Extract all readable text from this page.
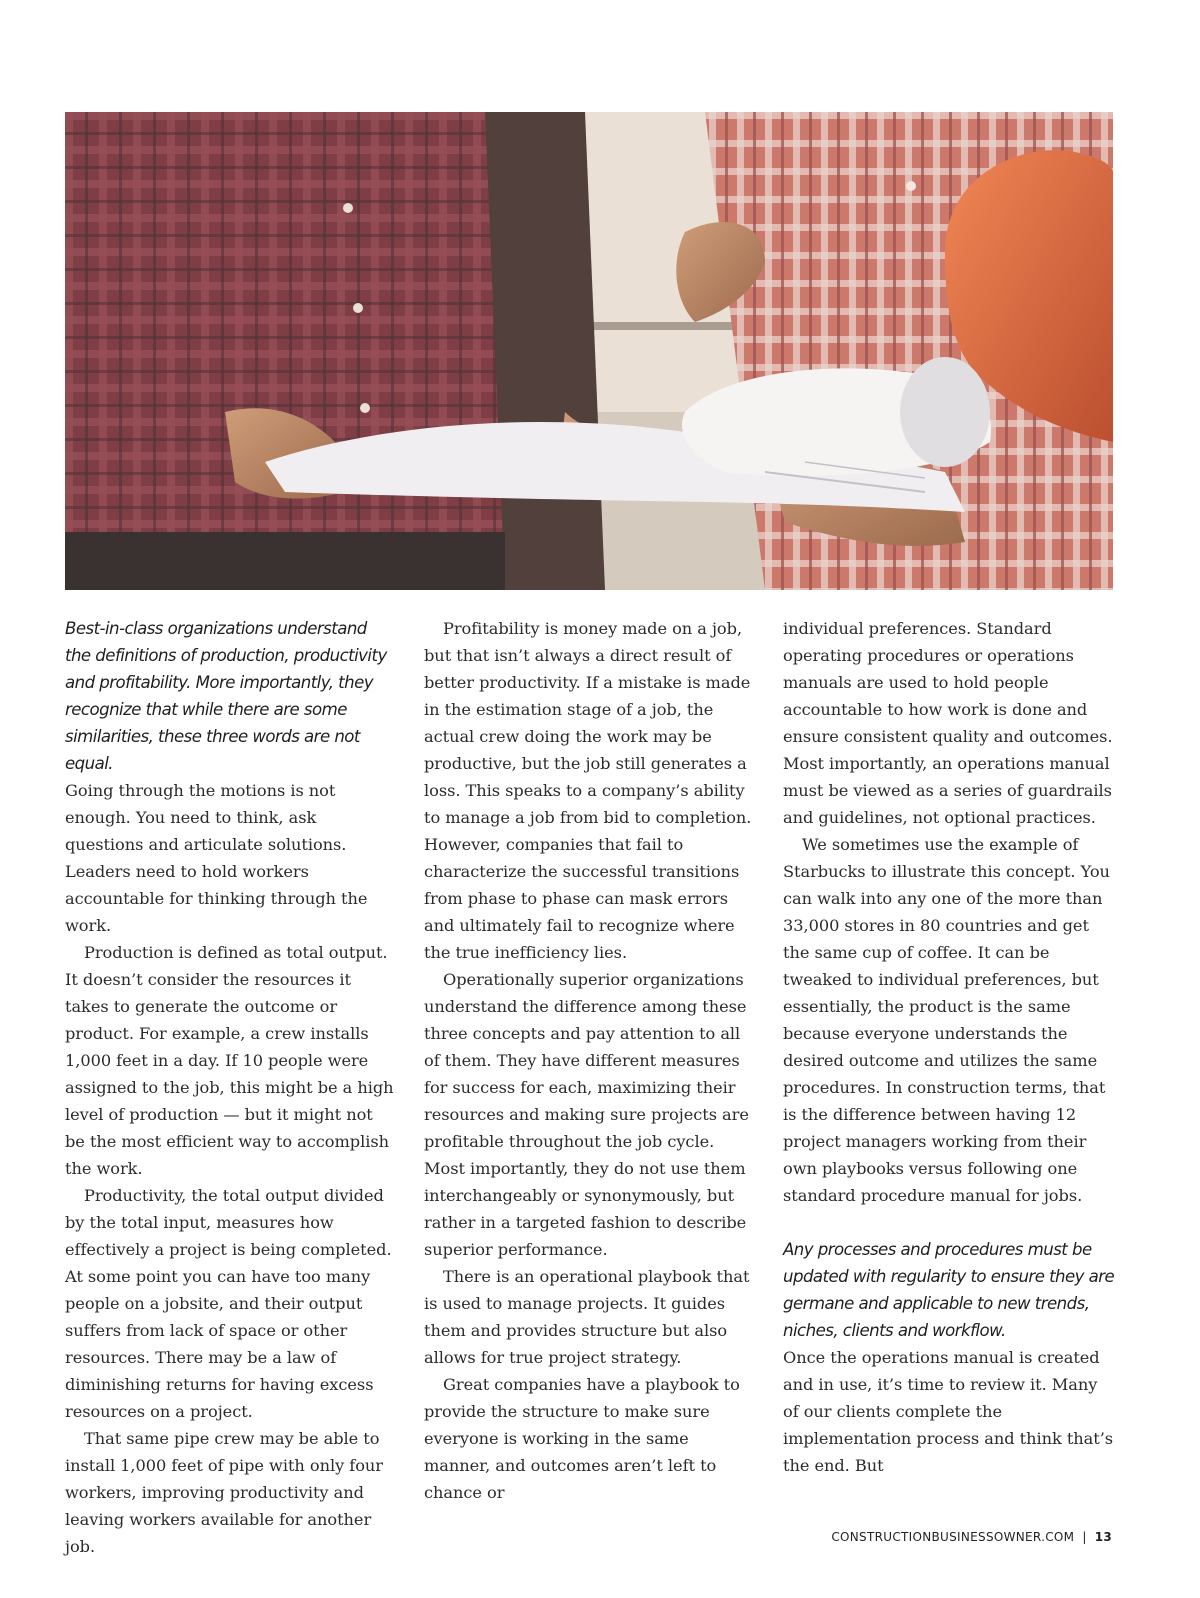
Best-in-class organizations understand the definitions of production, productivity and profitability. More importantly, they recognize that while there are some similarities, these three words are not equal.

Going through the motions is not enough. You need to think, ask questions and articulate solutions. Leaders need to hold workers accountable for thinking through the work.

Production is defined as total output. It doesn’t consider the resources it takes to generate the outcome or product. For example, a crew installs 1,000 feet in a day. If 10 people were assigned to the job, this might be a high level of production — but it might not be the most efficient way to accomplish the work.

Productivity, the total output divided by the total input, measures how effectively a project is being completed. At some point you can have too many people on a jobsite, and their output suffers from lack of space or other resources. There may be a law of diminishing returns for having excess resources on a project.

That same pipe crew may be able to install 1,000 feet of pipe with only four workers, improving productivity and leaving workers available for another job.

Profitability is money made on a job, but that isn’t always a direct result of better productivity. If a mistake is made in the estimation stage of a job, the actual crew doing the work may be productive, but the job still generates a loss. This speaks to a company’s ability to manage a job from bid to completion. However, companies that fail to characterize the successful transitions from phase to phase can mask errors and ultimately fail to recognize where the true inefficiency lies.

Operationally superior organizations understand the difference among these three concepts and pay attention to all of them. They have different measures for success for each, maximizing their resources and making sure projects are profitable throughout the job cycle. Most importantly, they do not use them interchangeably or synonymously, but rather in a targeted fashion to describe superior performance.

There is an operational playbook that is used to manage projects. It guides them and provides structure but also allows for true project strategy.

Great companies have a playbook to provide the structure to make sure everyone is working in the same manner, and outcomes aren’t left to chance or

individual preferences. Standard operating procedures or operations manuals are used to hold people accountable to how work is done and ensure consistent quality and outcomes. Most importantly, an operations manual must be viewed as a series of guardrails and guidelines, not optional practices.

We sometimes use the example of Starbucks to illustrate this concept. You can walk into any one of the more than 33,000 stores in 80 countries and get the same cup of coffee. It can be tweaked to individual preferences, but essentially, the product is the same because everyone understands the desired outcome and utilizes the same procedures. In construction terms, that is the difference between having 12 project managers working from their own playbooks versus following one standard procedure manual for jobs.

Any processes and procedures must be updated with regularity to ensure they are germane and applicable to new trends, niches, clients and workflow.

Once the operations manual is created and in use, it’s time to review it. Many of our clients complete the implementation process and think that’s the end. But

CONSTRUCTIONBUSINESSOWNER.COM | 13
